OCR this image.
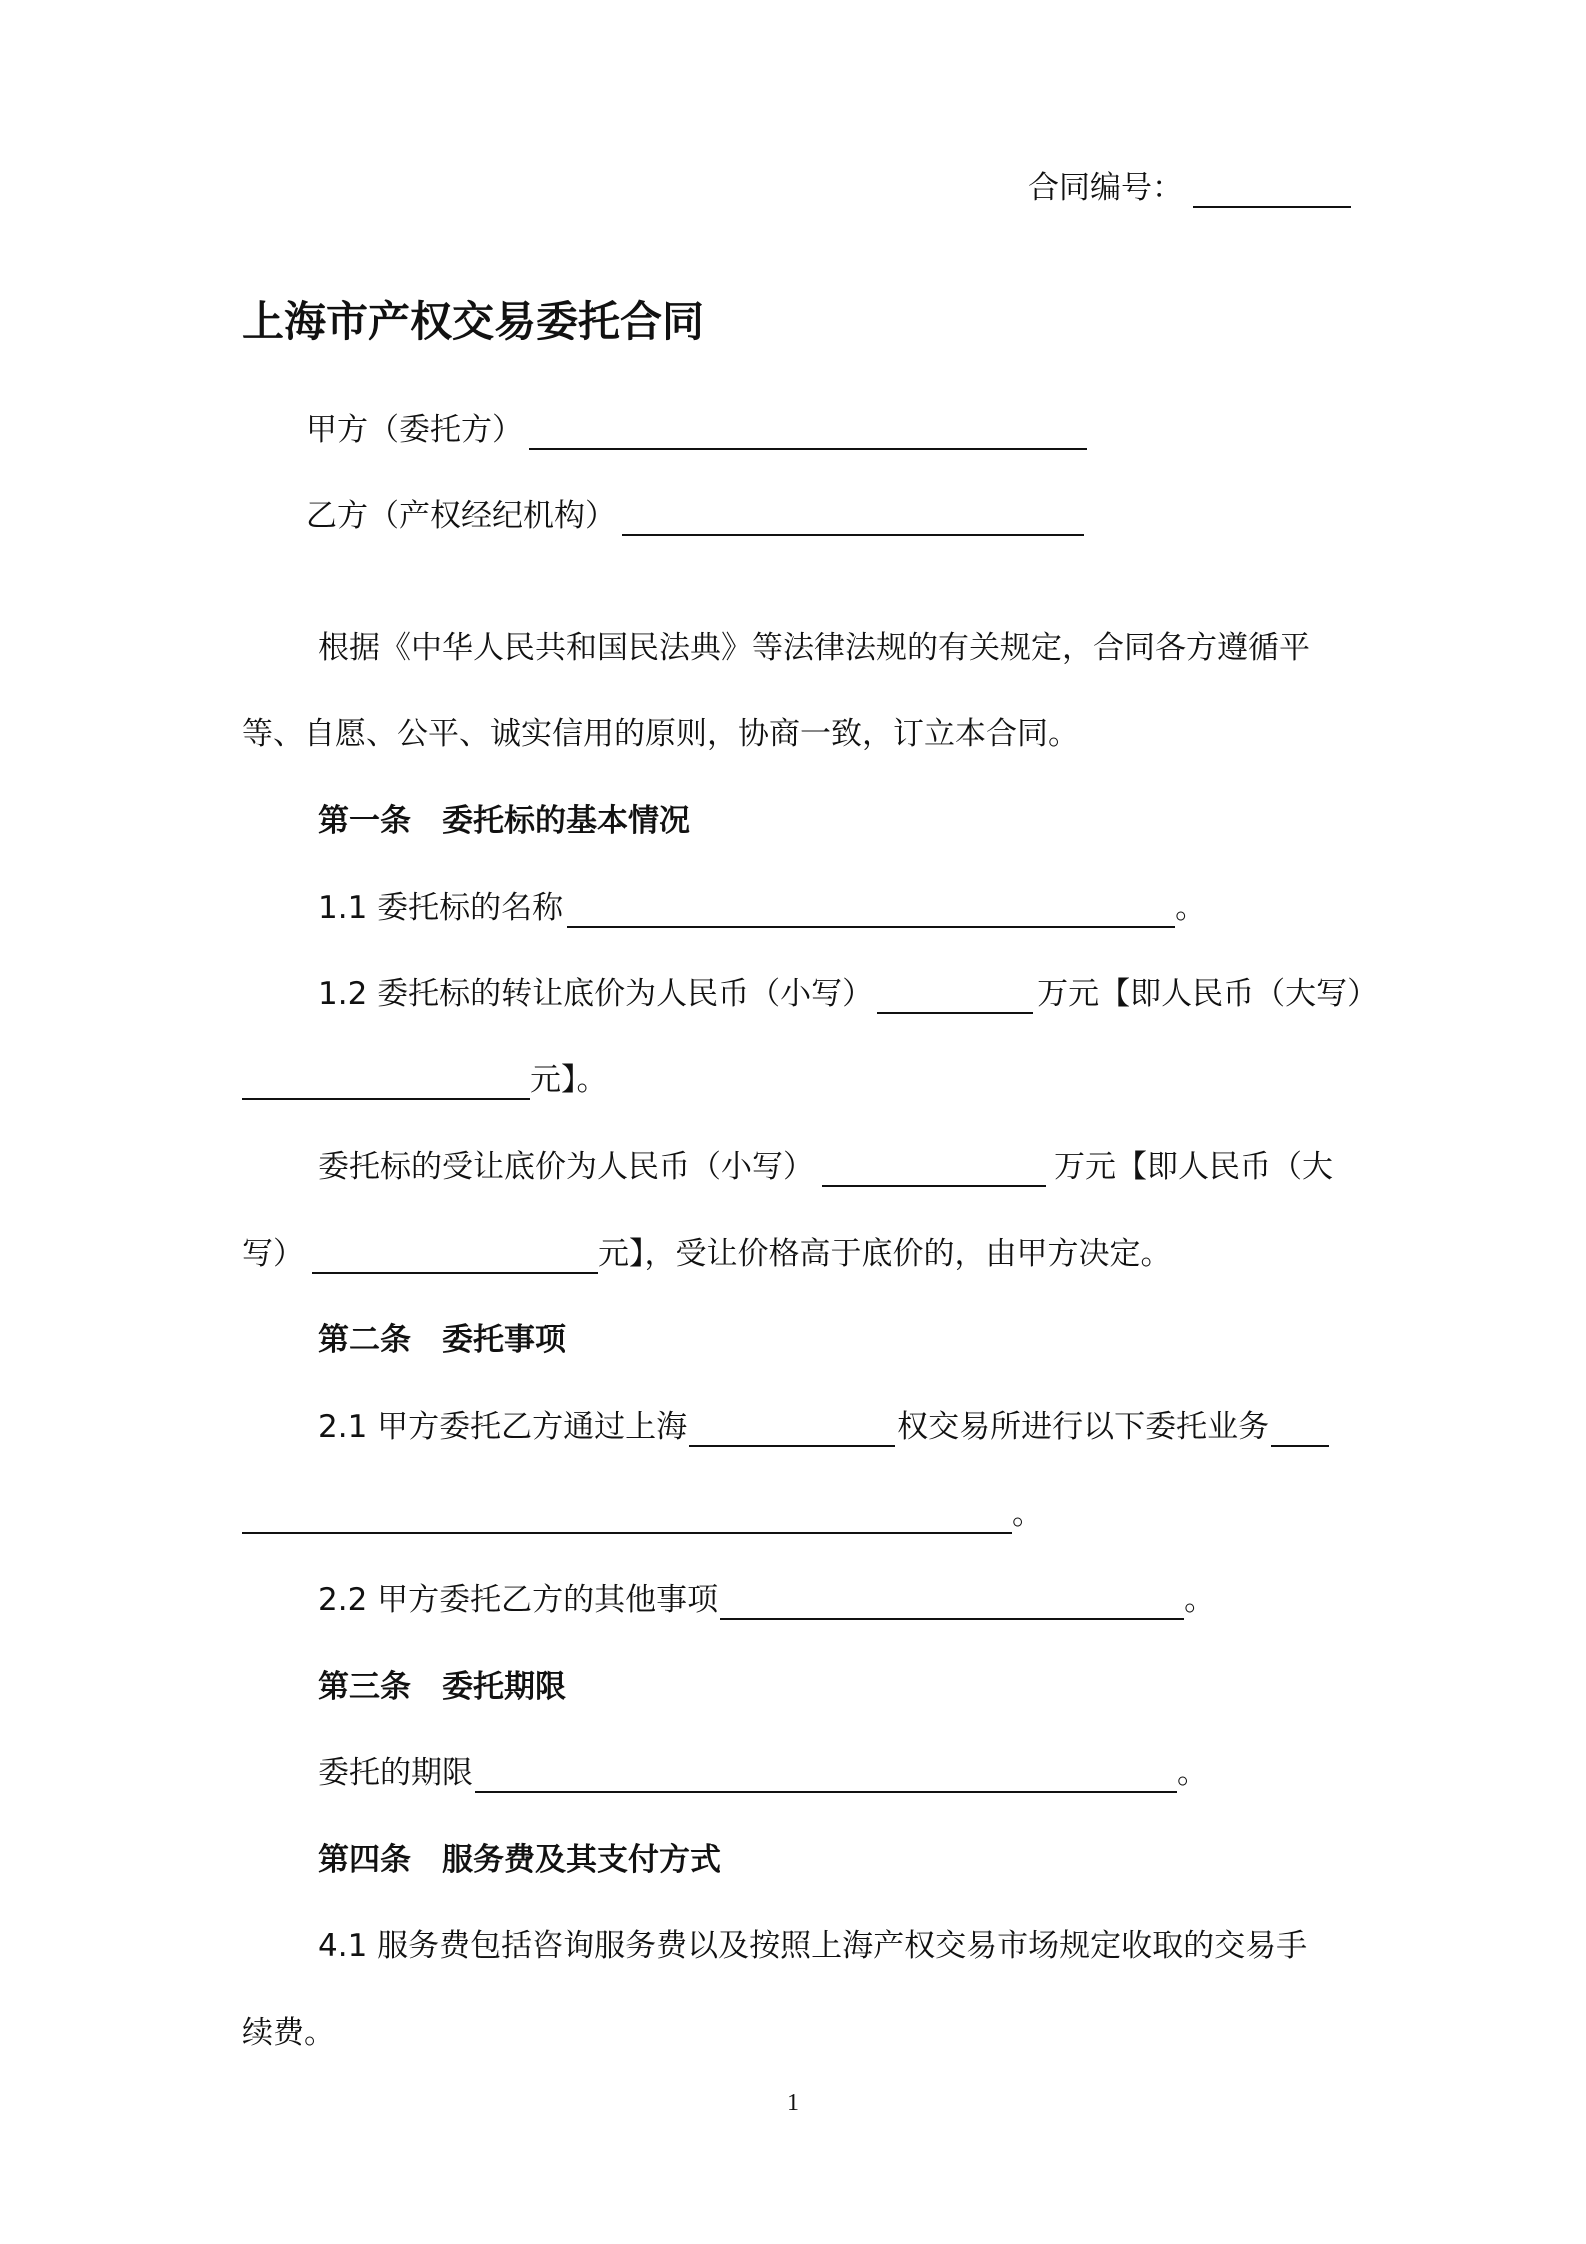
合同编号：
上海市产权交易委托合同
甲方（委托方）
乙方（产权经纪机构）
根据《中华人民共和国民法典》等法律法规的有关规定，合同各方遵循平
等、自愿、公平、诚实信用的原则，协商一致，订立本合同。
第一条　委托标的基本情况
1.1 委托标的名称	。
1.2 委托标的转让底价为人民币（小写）	万元【即人民币（大写）
元】。
委托标的受让底价为人民币（小写）	万元【即人民币（大
写）	元】，受让价格高于底价的，由甲方决定。
第二条　委托事项
2.1 甲方委托乙方通过上海	权交易所进行以下委托业务
。
2.2 甲方委托乙方的其他事项	。
第三条　委托期限
委托的期限	。
第四条　服务费及其支付方式
4.1 服务费包括咨询服务费以及按照上海产权交易市场规定收取的交易手
续费。
1
